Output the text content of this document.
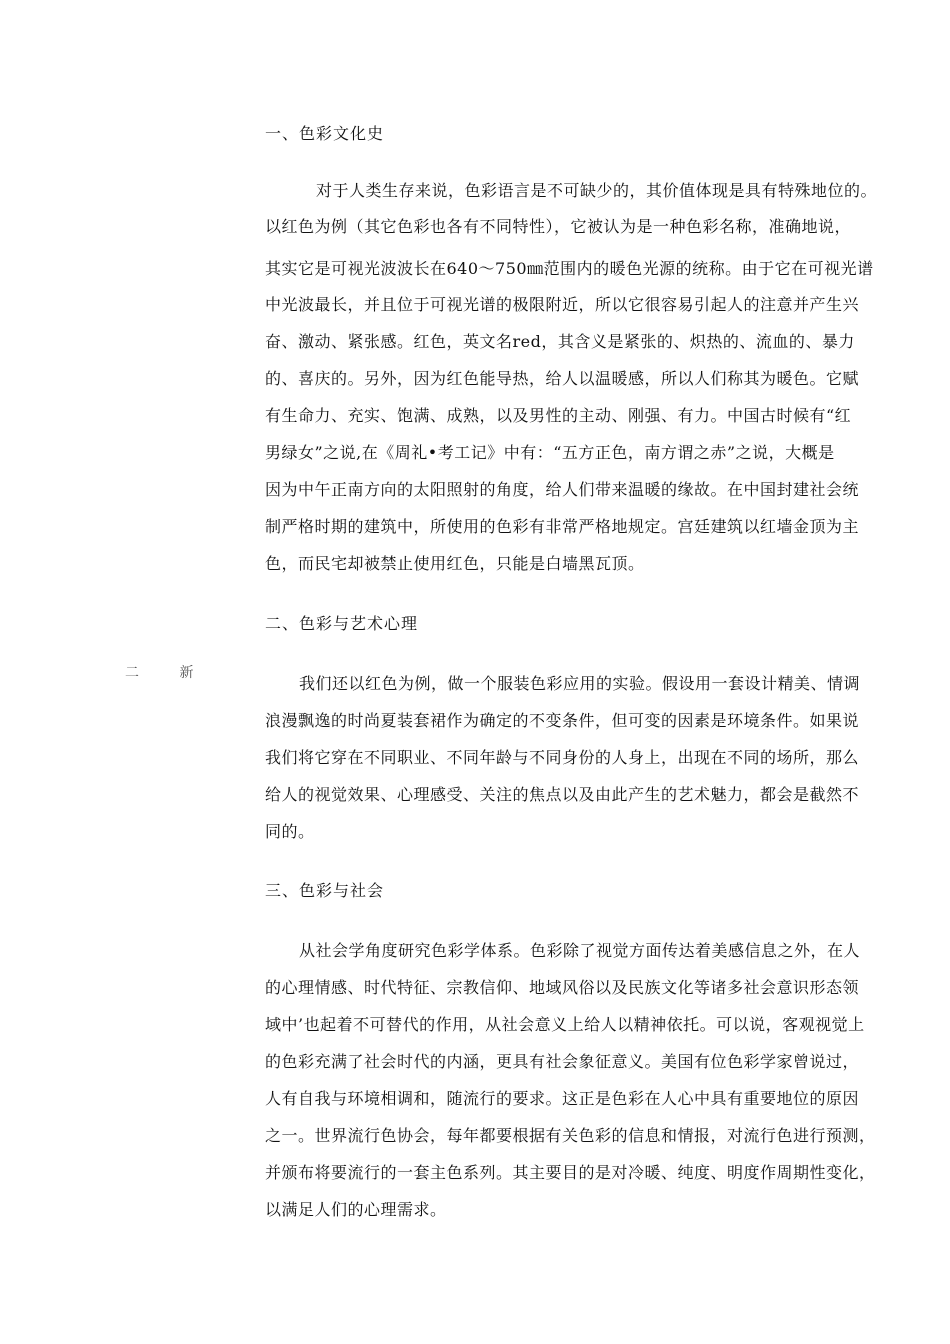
二 新
一、色彩文化史
对于人类生存来说，色彩语言是不可缺少的，其价值体现是具有特殊地位的。
以红色为例（其它色彩也各有不同特性），它被认为是一种色彩名称，准确地说，
其实它是可视光波波长在640～750㎜范围内的暖色光源的统称。由于它在可视光谱
中光波最长，并且位于可视光谱的极限附近，所以它很容易引起人的注意并产生兴
奋、激动、紧张感。红色，英文名red，其含义是紧张的、炽热的、流血的、暴力
的、喜庆的。另外，因为红色能导热，给人以温暖感，所以人们称其为暖色。它赋
有生命力、充实、饱满、成熟，以及男性的主动、刚强、有力。中国古时候有“红
男绿女”之说,在《周礼•考工记》中有：“五方正色，南方谓之赤”之说，大概是
因为中午正南方向的太阳照射的角度，给人们带来温暖的缘故。在中国封建社会统
制严格时期的建筑中，所使用的色彩有非常严格地规定。宫廷建筑以红墙金顶为主
色，而民宅却被禁止使用红色，只能是白墙黑瓦顶。
二、色彩与艺术心理
我们还以红色为例，做一个服装色彩应用的实验。假设用一套设计精美、情调
浪漫飘逸的时尚夏装套裙作为确定的不变条件，但可变的因素是环境条件。如果说
我们将它穿在不同职业、不同年龄与不同身份的人身上，出现在不同的场所，那么
给人的视觉效果、心理感受、关注的焦点以及由此产生的艺术魅力，都会是截然不
同的。
三、色彩与社会
从社会学角度研究色彩学体系。色彩除了视觉方面传达着美感信息之外，在人
的心理情感、时代特征、宗教信仰、地域风俗以及民族文化等诸多社会意识形态领
域中’也起着不可替代的作用，从社会意义上给人以精神依托。可以说，客观视觉上
的色彩充满了社会时代的内涵，更具有社会象征意义。美国有位色彩学家曾说过，
人有自我与环境相调和，随流行的要求。这正是色彩在人心中具有重要地位的原因
之一。世界流行色协会，每年都要根据有关色彩的信息和情报，对流行色进行预测，
并颁布将要流行的一套主色系列。其主要目的是对冷暖、纯度、明度作周期性变化，
以满足人们的心理需求。
